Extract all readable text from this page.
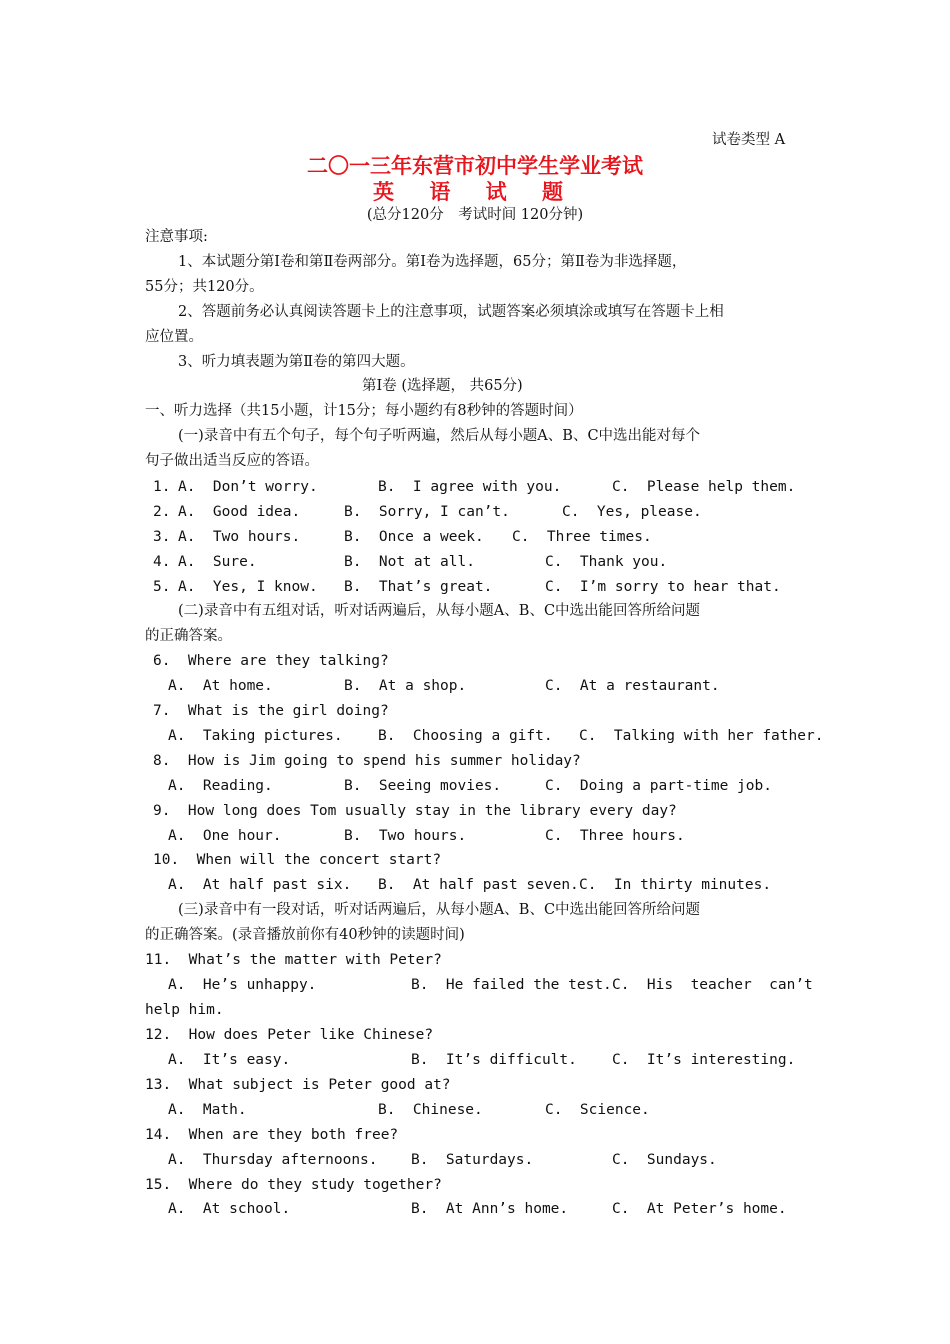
试卷类型 A
二〇一三年东营市初中学生学业考试
英 语 试 题
(总分120分　考试时间 120分钟)
注意事项:
1、本试题分第Ⅰ卷和第Ⅱ卷两部分。第Ⅰ卷为选择题，65分；第Ⅱ卷为非选择题，
55分；共120分。
2、答题前务必认真阅读答题卡上的注意事项，试题答案必须填涂或填写在答题卡上相
应位置。
3、听力填表题为第Ⅱ卷的第四大题。
第Ⅰ卷 (选择题， 共65分)
一、听力选择（共15小题，计15分；每小题约有8秒钟的答题时间）
(一)录音中有五个句子，每个句子听两遍，然后从每小题A、B、C中选出能对每个
句子做出适当反应的答语。
1. A.  Don’t worry.	B.  I agree with you.	C.  Please help them.
2. A.  Good idea.	B.  Sorry, I can’t.	C.  Yes, please.
3. A.  Two hours.	B.  Once a week. C.  Three times.
4. A.  Sure.	B.  Not at all.	C.  Thank you.
5. A.  Yes, I know. B.  That’s great.	C.  I’m sorry to hear that.
(二)录音中有五组对话，听对话两遍后，从每小题A、B、C中选出能回答所给问题
的正确答案。
6.  Where are they talking?
A.  At home.	B.  At a shop.	C.  At a restaurant.
7.  What is the girl doing?
A.  Taking pictures. B.  Choosing a gift. C.  Talking with her father.
8.  How is Jim going to spend his summer holiday?
A.  Reading.	B.  Seeing movies.	C.  Doing a part-time job.
9.  How long does Tom usually stay in the library every day?
A.  One hour.	B.  Two hours.	C.  Three hours.
10.  When will the concert start?
A.  At half past six. B.  At half past seven. C.  In thirty minutes.
(三)录音中有一段对话，听对话两遍后，从每小题A、B、C中选出能回答所给问题
的正确答案。(录音播放前你有40秒钟的读题时间)
11.  What’s the matter with Peter?
A.  He’s unhappy.	B.  He failed the test. C.  His  teacher  can’t
help him.
12.  How does Peter like Chinese?
A.  It’s easy.	B.  It’s difficult. C.  It’s interesting.
13.  What subject is Peter good at?
A.  Math.	B.  Chinese.	C.  Science.
14.  When are they both free?
A.  Thursday afternoons. B.  Saturdays.	C.  Sundays.
15.  Where do they study together?
A.  At school.	B.  At Ann’s home.	C.  At Peter’s home.
